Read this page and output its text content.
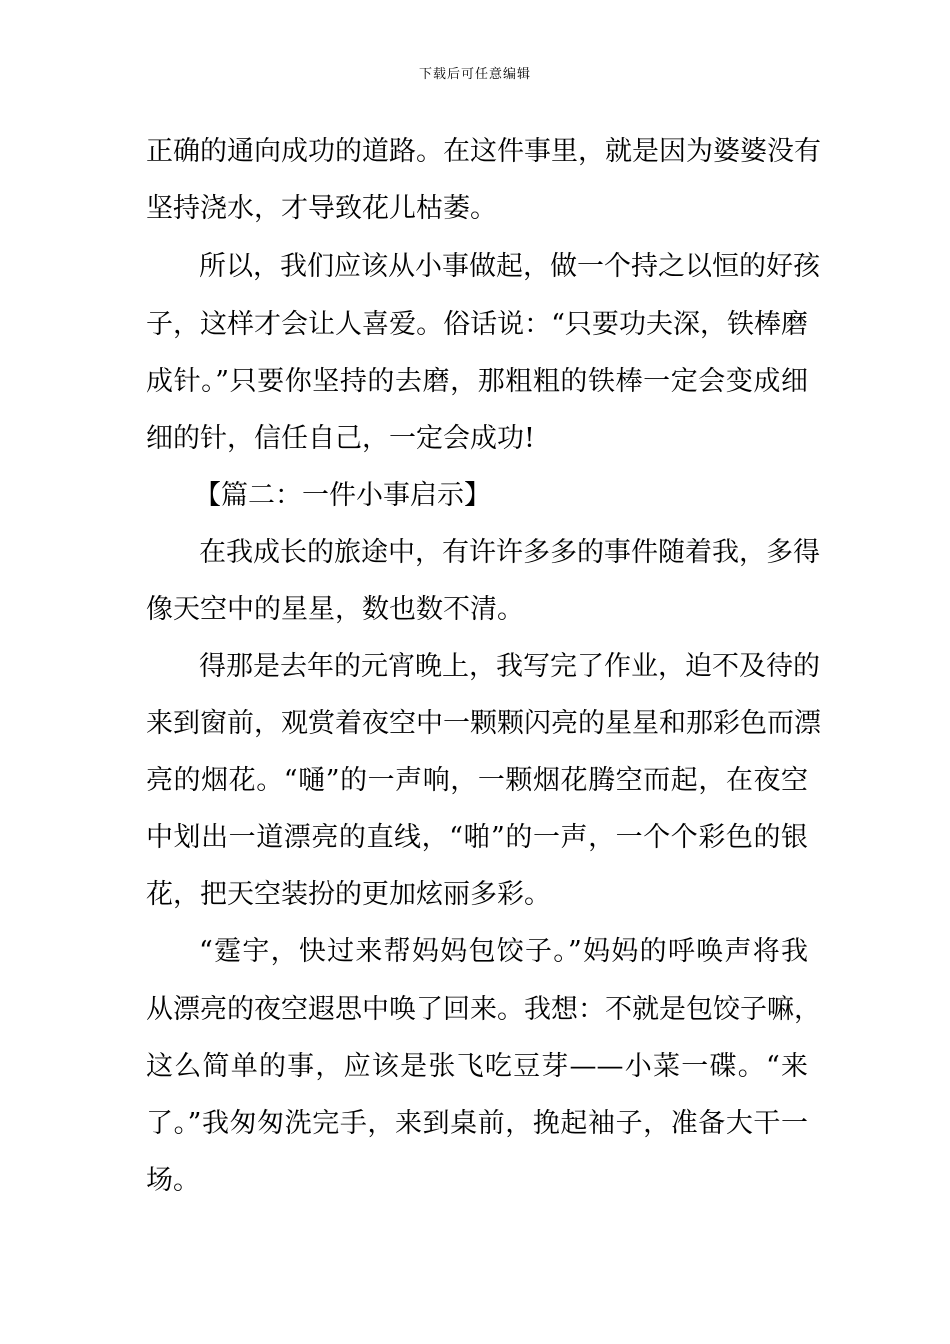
下载后可任意编辑
正确的通向成功的道路。在这件事里，就是因为婆婆没有
坚持浇水，才导致花儿枯萎。
所以，我们应该从小事做起，做一个持之以恒的好孩
子，这样才会让人喜爱。俗话说：“只要功夫深，铁棒磨
成针。”只要你坚持的去磨，那粗粗的铁棒一定会变成细
细的针，信任自己，一定会成功!
【篇二：一件小事启示】
在我成长的旅途中，有许许多多的事件随着我，多得
像天空中的星星，数也数不清。
得那是去年的元宵晚上，我写完了作业，迫不及待的
来到窗前，观赏着夜空中一颗颗闪亮的星星和那彩色而漂
亮的烟花。“嗵”的一声响，一颗烟花腾空而起，在夜空
中划出一道漂亮的直线，“啪”的一声，一个个彩色的银
花，把天空装扮的更加炫丽多彩。
“霆宇，快过来帮妈妈包饺子。”妈妈的呼唤声将我
从漂亮的夜空遐思中唤了回来。我想：不就是包饺子嘛，
这么简单的事，应该是张飞吃豆芽——小菜一碟。“来
了。”我匆匆洗完手，来到桌前，挽起袖子，准备大干一
场。
